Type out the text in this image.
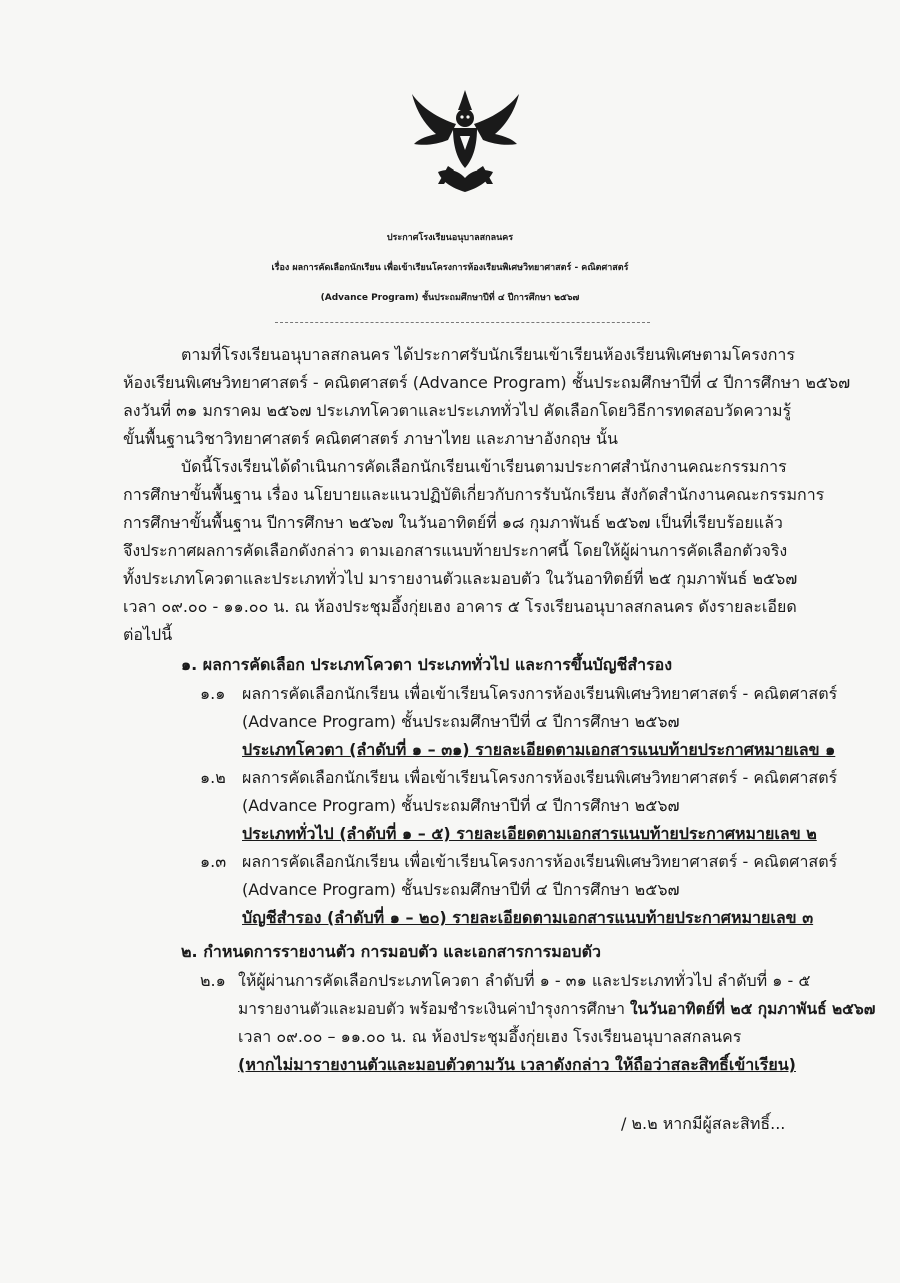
ประกาศโรงเรียนอนุบาลสกลนคร
เรื่อง ผลการคัดเลือกนักเรียน เพื่อเข้าเรียนโครงการห้องเรียนพิเศษวิทยาศาสตร์ - คณิตศาสตร์
(Advance Program) ชั้นประถมศึกษาปีที่ ๔ ปีการศึกษา ๒๕๖๗
ตามที่โรงเรียนอนุบาลสกลนคร ได้ประกาศรับนักเรียนเข้าเรียนห้องเรียนพิเศษตามโครงการ
ห้องเรียนพิเศษวิทยาศาสตร์ - คณิตศาสตร์ (Advance Program) ชั้นประถมศึกษาปีที่ ๔ ปีการศึกษา ๒๕๖๗
ลงวันที่ ๓๑ มกราคม ๒๕๖๗ ประเภทโควตาและประเภททั่วไป คัดเลือกโดยวิธีการทดสอบวัดความรู้
ขั้นพื้นฐานวิชาวิทยาศาสตร์ คณิตศาสตร์ ภาษาไทย และภาษาอังกฤษ นั้น
บัดนี้โรงเรียนได้ดำเนินการคัดเลือกนักเรียนเข้าเรียนตามประกาศสำนักงานคณะกรรมการ
การศึกษาขั้นพื้นฐาน เรื่อง นโยบายและแนวปฏิบัติเกี่ยวกับการรับนักเรียน สังกัดสำนักงานคณะกรรมการ
การศึกษาขั้นพื้นฐาน ปีการศึกษา ๒๕๖๗ ในวันอาทิตย์ที่ ๑๘ กุมภาพันธ์ ๒๕๖๗ เป็นที่เรียบร้อยแล้ว
จึงประกาศผลการคัดเลือกดังกล่าว ตามเอกสารแนบท้ายประกาศนี้ โดยให้ผู้ผ่านการคัดเลือกตัวจริง
ทั้งประเภทโควตาและประเภททั่วไป มารายงานตัวและมอบตัว ในวันอาทิตย์ที่ ๒๕ กุมภาพันธ์ ๒๕๖๗
เวลา ๐๙.๐๐ - ๑๑.๐๐ น. ณ ห้องประชุมอึ้งกุ่ยเฮง อาคาร ๕ โรงเรียนอนุบาลสกลนคร ดังรายละเอียด
ต่อไปนี้
๑. ผลการคัดเลือก ประเภทโควตา ประเภททั่วไป และการขึ้นบัญชีสำรอง
๑.๑ ผลการคัดเลือกนักเรียน เพื่อเข้าเรียนโครงการห้องเรียนพิเศษวิทยาศาสตร์ - คณิตศาสตร์
(Advance Program) ชั้นประถมศึกษาปีที่ ๔ ปีการศึกษา ๒๕๖๗
ประเภทโควตา (ลำดับที่ ๑ – ๓๑) รายละเอียดตามเอกสารแนบท้ายประกาศหมายเลข ๑
๑.๒ ผลการคัดเลือกนักเรียน เพื่อเข้าเรียนโครงการห้องเรียนพิเศษวิทยาศาสตร์ - คณิตศาสตร์
(Advance Program) ชั้นประถมศึกษาปีที่ ๔ ปีการศึกษา ๒๕๖๗
ประเภททั่วไป (ลำดับที่ ๑ – ๕) รายละเอียดตามเอกสารแนบท้ายประกาศหมายเลข ๒
๑.๓ ผลการคัดเลือกนักเรียน เพื่อเข้าเรียนโครงการห้องเรียนพิเศษวิทยาศาสตร์ - คณิตศาสตร์
(Advance Program) ชั้นประถมศึกษาปีที่ ๔ ปีการศึกษา ๒๕๖๗
บัญชีสำรอง (ลำดับที่ ๑ – ๒๐) รายละเอียดตามเอกสารแนบท้ายประกาศหมายเลข ๓
๒. กำหนดการรายงานตัว การมอบตัว และเอกสารการมอบตัว
๒.๑ ให้ผู้ผ่านการคัดเลือกประเภทโควตา ลำดับที่ ๑ - ๓๑ และประเภททั่วไป ลำดับที่ ๑ - ๕
มารายงานตัวและมอบตัว พร้อมชำระเงินค่าบำรุงการศึกษา ในวันอาทิตย์ที่ ๒๕ กุมภาพันธ์ ๒๕๖๗
เวลา ๐๙.๐๐ – ๑๑.๐๐ น. ณ ห้องประชุมอึ้งกุ่ยเฮง โรงเรียนอนุบาลสกลนคร
(หากไม่มารายงานตัวและมอบตัวตามวัน เวลาดังกล่าว ให้ถือว่าสละสิทธิ์เข้าเรียน)
/ ๒.๒ หากมีผู้สละสิทธิ์...
